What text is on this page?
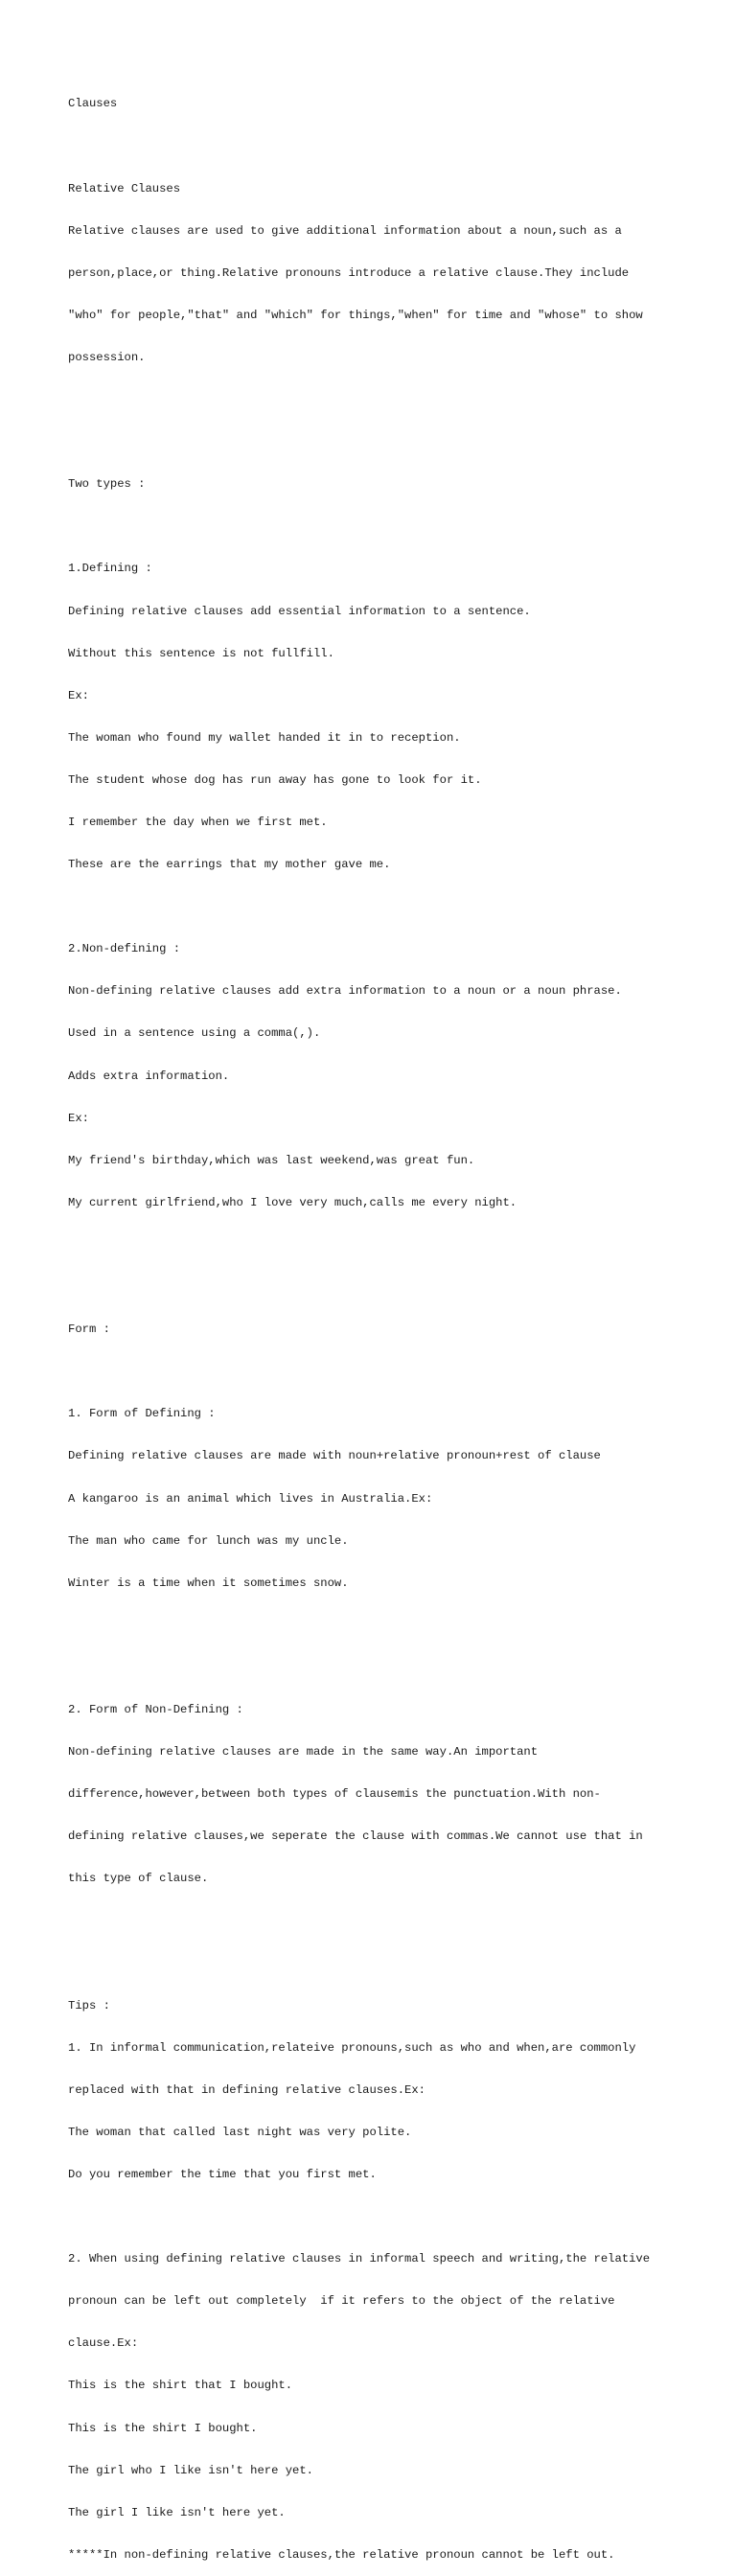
Clauses

Relative Clauses

Relative clauses are used to give additional information about a noun,such as a

person,place,or thing.Relative pronouns introduce a relative clause.They include

"who" for people,"that" and "which" for things,"when" for time and "whose" to show

possession.

Two types :

1.Defining :

Defining relative clauses add essential information to a sentence.

Without this sentence is not fullfill.

Ex:

The woman who found my wallet handed it in to reception.

The student whose dog has run away has gone to look for it.

I remember the day when we first met.

These are the earrings that my mother gave me.

2.Non-defining :

Non-defining relative clauses add extra information to a noun or a noun phrase.

Used in a sentence using a comma(,).

Adds extra information.

Ex:

My friend's birthday,which was last weekend,was great fun.

My current girlfriend,who I love very much,calls me every night.

Form :

1. Form of Defining :

Defining relative clauses are made with noun+relative pronoun+rest of clause

A kangaroo is an animal which lives in Australia.Ex:

The man who came for lunch was my uncle.

Winter is a time when it sometimes snow.

2. Form of Non-Defining :

Non-defining relative clauses are made in the same way.An important

difference,however,between both types of clausemis the punctuation.With non-

defining relative clauses,we seperate the clause with commas.We cannot use that in

this type of clause.

Tips :

1. In informal communication,relateive pronouns,such as who and when,are commonly

replaced with that in defining relative clauses.Ex:

The woman that called last night was very polite.

Do you remember the time that you first met.

2. When using defining relative clauses in informal speech and writing,the relative

pronoun can be left out completely  if it refers to the object of the relative

clause.Ex:

This is the shirt that I bought.

This is the shirt I bought.

The girl who I like isn't here yet.

The girl I like isn't here yet.

*****In non-defining relative clauses,the relative pronoun cannot be left out.
